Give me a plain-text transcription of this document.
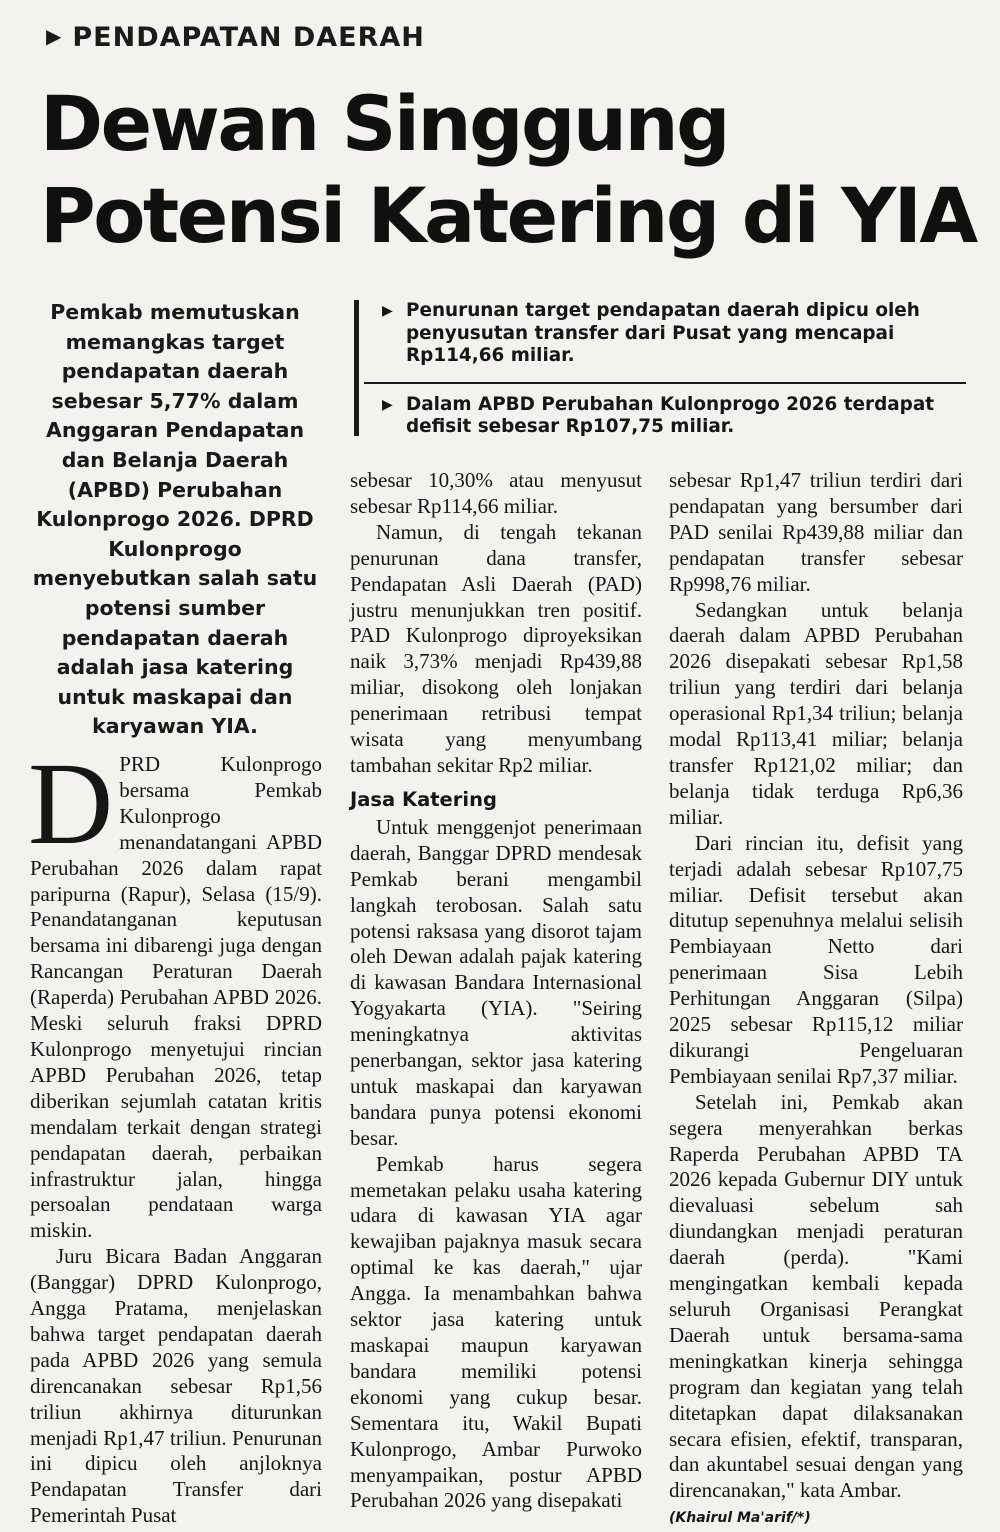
▶ PENDAPATAN DAERAH
Dewan Singgung
Potensi Katering di YIA
Pemkab memutuskan memangkas target pendapatan daerah sebesar 5,77% dalam Anggaran Pendapatan dan Belanja Daerah (APBD) Perubahan Kulonprogo 2026. DPRD Kulonprogo menyebutkan salah satu potensi sumber pendapatan daerah adalah jasa katering untuk maskapai dan karyawan YIA.
▶ Penurunan target pendapatan daerah dipicu oleh penyusutan transfer dari Pusat yang mencapai Rp114,66 miliar.
▶ Dalam APBD Perubahan Kulonprogo 2026 terdapat defisit sebesar Rp107,75 miliar.
D PRD Kulonprogo bersama Pemkab Kulonprogo menandatangani APBD Perubahan 2026 dalam rapat paripurna (Rapur), Selasa (15/9). Penandatanganan keputusan bersama ini dibarengi juga dengan Rancangan Peraturan Daerah (Raperda) Perubahan APBD 2026. Meski seluruh fraksi DPRD Kulonprogo menyetujui rincian APBD Perubahan 2026, tetap diberikan sejumlah catatan kritis mendalam terkait dengan strategi pendapatan daerah, perbaikan infrastruktur jalan, hingga persoalan pendataan warga miskin.

Juru Bicara Badan Anggaran (Banggar) DPRD Kulonprogo, Angga Pratama, menjelaskan bahwa target pendapatan daerah pada APBD 2026 yang semula direncanakan sebesar Rp1,56 triliun akhirnya diturunkan menjadi Rp1,47 triliun. Penurunan ini dipicu oleh anjloknya Pendapatan Transfer dari Pemerintah Pusat

sebesar 10,30% atau menyusut sebesar Rp114,66 miliar.

Namun, di tengah tekanan penurunan dana transfer, Pendapatan Asli Daerah (PAD) justru menunjukkan tren positif. PAD Kulonprogo diproyeksikan naik 3,73% menjadi Rp439,88 miliar, disokong oleh lonjakan penerimaan retribusi tempat wisata yang menyumbang tambahan sekitar Rp2 miliar.

Jasa Katering

Untuk menggenjot penerimaan daerah, Banggar DPRD mendesak Pemkab berani mengambil langkah terobosan. Salah satu potensi raksasa yang disorot tajam oleh Dewan adalah pajak katering di kawasan Bandara Internasional Yogyakarta (YIA). "Seiring meningkatnya aktivitas penerbangan, sektor jasa katering untuk maskapai dan karyawan bandara punya potensi ekonomi besar.

Pemkab harus segera memetakan pelaku usaha katering udara di kawasan YIA agar kewajiban pajaknya masuk secara optimal ke kas daerah," ujar Angga. Ia menambahkan bahwa sektor jasa katering untuk maskapai maupun karyawan bandara memiliki potensi ekonomi yang cukup besar. Sementara itu, Wakil Bupati Kulonprogo, Ambar Purwoko menyampaikan, postur APBD Perubahan 2026 yang disepakati

sebesar Rp1,47 triliun terdiri dari pendapatan yang bersumber dari PAD senilai Rp439,88 miliar dan pendapatan transfer sebesar Rp998,76 miliar.

Sedangkan untuk belanja daerah dalam APBD Perubahan 2026 disepakati sebesar Rp1,58 triliun yang terdiri dari belanja operasional Rp1,34 triliun; belanja modal Rp113,41 miliar; belanja transfer Rp121,02 miliar; dan belanja tidak terduga Rp6,36 miliar.

Dari rincian itu, defisit yang terjadi adalah sebesar Rp107,75 miliar. Defisit tersebut akan ditutup sepenuhnya melalui selisih Pembiayaan Netto dari penerimaan Sisa Lebih Perhitungan Anggaran (Silpa) 2025 sebesar Rp115,12 miliar dikurangi Pengeluaran Pembiayaan senilai Rp7,37 miliar.

Setelah ini, Pemkab akan segera menyerahkan berkas Raperda Perubahan APBD TA 2026 kepada Gubernur DIY untuk dievaluasi sebelum sah diundangkan menjadi peraturan daerah (perda). "Kami mengingatkan kembali kepada seluruh Organisasi Perangkat Daerah untuk bersama-sama meningkatkan kinerja sehingga program dan kegiatan yang telah ditetapkan dapat dilaksanakan secara efisien, efektif, transparan, dan akuntabel sesuai dengan yang direncanakan," kata Ambar.

(Khairul Ma'arif/*)
